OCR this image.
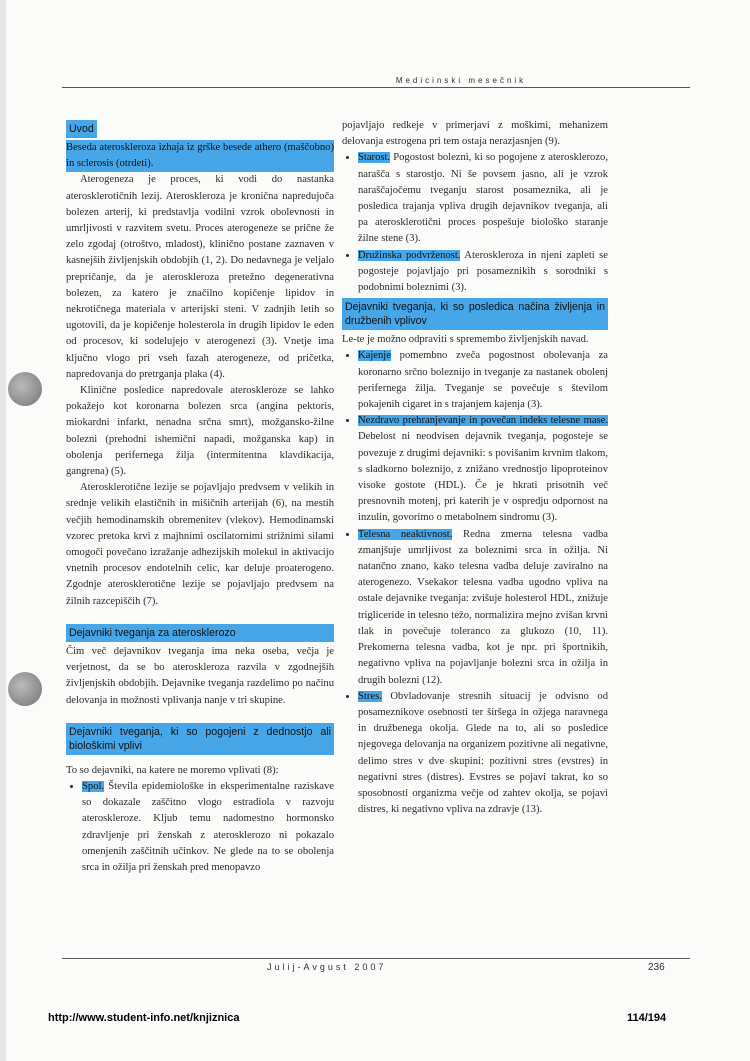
Medicinski mesečnik
Uvod

Beseda ateroskleroza izhaja iz grške besede athero (maščobno) in sclerosis (otrdeti).

Aterogeneza je proces, ki vodi do nastanka aterosklerotičnih lezij. Ateroskleroza je kronična napredujoča bolezen arterij, ki predstavlja vodilni vzrok obolevnosti in umrljivosti v razvitem svetu. Proces aterogeneze se prične že zelo zgodaj (otroštvo, mladost), klinično postane zaznaven v kasnejših življenjskih obdobjih (1, 2). Do nedavnega je veljalo prepričanje, da je ateroskleroza pretežno degenerativna bolezen, za katero je značilno kopičenje lipidov in nekrotičnega materiala v arterijski steni. V zadnjih letih so ugotovili, da je kopičenje holesterola in drugih lipidov le eden od procesov, ki sodelujejo v aterogenezi (3). Vnetje ima ključno vlogo pri vseh fazah aterogeneze, od pričetka, napredovanja do pretrganja plaka (4).

Klinične posledice napredovale ateroskleroze se lahko pokažejo kot koronarna bolezen srca (angina pektoris, miokardni infarkt, nenadna srčna smrt), možgansko-žilne bolezni (prehodni ishemični napadi, možganska kap) in obolenja perifernega žilja (intermitentna klavdikacija, gangrena) (5).

Aterosklerotične lezije se pojavljajo predvsem v velikih in srednje velikih elastičnih in mišičnih arterijah (6), na mestih večjih hemodinamskih obremenitev (vlekov). Hemodinamski vzorec pretoka krvi z majhnimi oscilatornimi strižnimi silami omogoči povečano izražanje adhezijskih molekul in aktivacijo vnetnih procesov endotelnih celic, kar deluje proaterogeno. Zgodnje aterosklerotične lezije se pojavljajo predvsem na žilnih razcepiščih (7).

Dejavniki tveganja za aterosklerozo

Čim več dejavnikov tveganja ima neka oseba, večja je verjetnost, da se bo ateroskleroza razvila v zgodnejših življenjskih obdobjih. Dejavnike tveganja razdelimo po načinu delovanja in možnosti vplivanja nanje v tri skupine.

Dejavniki tveganja, ki so pogojeni z dednostjo ali biološkimi vplivi

To so dejavniki, na katere ne moremo vplivati (8):

• Spol. Števila epidemiološke in eksperimentalne raziskave so dokazale zaščitno vlogo estradiola v razvoju ateroskleroze. Kljub temu nadomestno hormonsko zdravljenje pri ženskah z aterosklerozo ni pokazalo omenjenih zaščitnih učinkov. Ne glede na to se obolenja srca in ožilja pri ženskah pred menopavzo

pojavljajo redkeje v primerjavi z moškimi, mehanizem delovanja estrogena pri tem ostaja nerazjasnjen (9).

• Starost. Pogostost bolezni, ki so pogojene z aterosklerozo, narašča s starostjo. Ni še povsem jasno, ali je vzrok naraščajočemu tveganju starost posameznika, ali je posledica trajanja vpliva drugih dejavnikov tveganja, ali pa aterosklerotični proces pospešuje biološko staranje žilne stene (3).
• Družinska podvrženost. Ateroskleroza in njeni zapleti se pogosteje pojavljajo pri posameznikih s sorodniki s podobnimi boleznimi (3).
Dejavniki tveganja, ki so posledica načina življenja in družbenih vplivov

Le-te je možno odpraviti s spremembo življenjskih navad.

• Kajenje pomembno zveča pogostnost obolevanja za koronarno srčno boleznijo in tveganje za nastanek obolenj perifernega žilja. Tveganje se povečuje s številom pokajenih cigaret in s trajanjem kajenja (3).
• Nezdravo prehranjevanje in povečan indeks telesne mase. Debelost ni neodvisen dejavnik tveganja, pogosteje se povezuje z drugimi dejavniki: s povišanim krvnim tlakom, s sladkorno boleznijo, z znižano vrednostjo lipoproteinov visoke gostote (HDL). Če je hkrati prisotnih več presnovnih motenj, pri katerih je v ospredju odpornost na inzulin, govorimo o metabolnem sindromu (3).
• Telesna neaktivnost. Redna zmerna telesna vadba zmanjšuje umrljivost za boleznimi srca in ožilja. Ni natančno znano, kako telesna vadba deluje zaviralno na aterogenezo. Vsekakor telesna vadba ugodno vpliva na ostale dejavnike tveganja: zvišuje holesterol HDL, znižuje trigliceride in telesno težo, normalizira mejno zvišan krvni tlak in povečuje toleranco za glukozo (10, 11). Prekomerna telesna vadba, kot je npr. pri športnikih, negativno vpliva na pojavljanje bolezni srca in ožilja in drugih bolezni (12).
• Stres. Obvladovanje stresnih situacij je odvisno od posameznikove osebnosti ter širšega in ožjega naravnega in družbenega okolja. Glede na to, ali so posledice njegovega delovanja na organizem pozitivne ali negativne, delimo stres v dve skupini: pozitivni stres (evstres) in negativni stres (distres). Evstres se pojavi takrat, ko so sposobnosti organizma večje od zahtev okolja, se pojavi distres, ki negativno vpliva na zdravje (13).
Julij-Avgust 2007	236
http://www.student-info.net/knjiznica	114/194
